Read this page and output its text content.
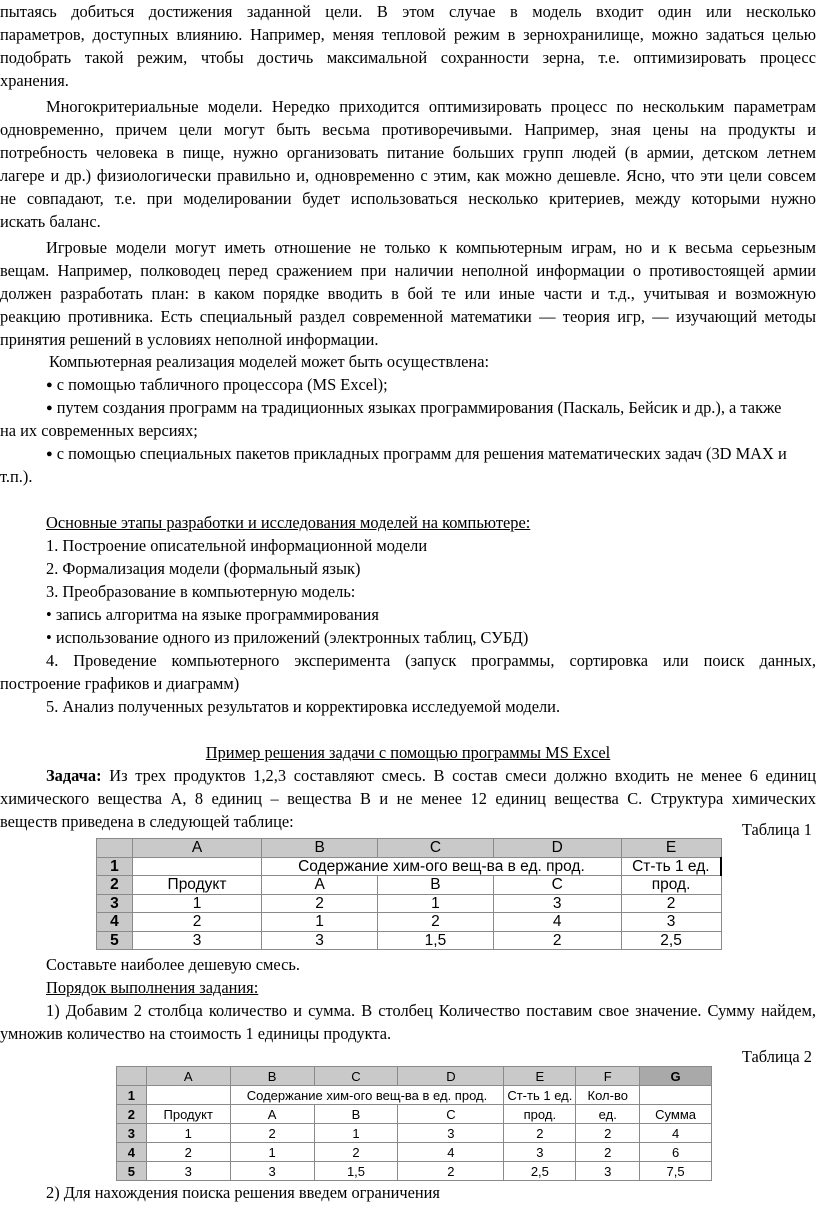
пытаясь добиться достижения заданной цели. В этом случае в модель входит один или несколько
параметров, доступных влиянию. Например, меняя тепловой режим в зернохранилище, можно задаться целью
подобрать такой режим, чтобы достичь максимальной сохранности зерна, т.е. оптимизировать процесс
хранения.
Многокритериальные модели. Нередко приходится оптимизировать процесс по нескольким параметрам
одновременно, причем цели могут быть весьма противоречивыми. Например, зная цены на продукты и
потребность человека в пище, нужно организовать питание больших групп людей (в армии, детском летнем
лагере и др.) физиологически правильно и, одновременно с этим, как можно дешевле. Ясно, что эти цели совсем
не совпадают, т.е. при моделировании будет использоваться несколько критериев, между которыми нужно
искать баланс.
Игровые модели могут иметь отношение не только к компьютерным играм, но и к весьма серьезным
вещам. Например, полководец перед сражением при наличии неполной информации о противостоящей армии
должен разработать план: в каком порядке вводить в бой те или иные части и т.д., учитывая и возможную
реакцию противника. Есть специальный раздел современной математики — теория игр, — изучающий методы
принятия решений в условиях неполной информации.
Компьютерная реализация моделей может быть осуществлена:
● с помощью табличного процессора (MS Excel);
● путем создания программ на традиционных языках программирования (Паскаль, Бейсик и др.), а также
на их современных версиях;
● с помощью специальных пакетов прикладных программ для решения математических задач (3D MAX и
т.п.).
Основные этапы разработки и исследования моделей на компьютере:
1. Построение описательной информационной модели
2. Формализация модели (формальный язык)
3. Преобразование в компьютерную модель:
• запись алгоритма на языке программирования
• использование одного из приложений (электронных таблиц, СУБД)
4. Проведение компьютерного эксперимента (запуск программы, сортировка или поиск данных,
построение графиков и диаграмм)
5. Анализ полученных результатов и корректировка исследуемой модели.
Пример решения задачи с помощью программы MS Excel
Задача: Из трех продуктов 1,2,3 составляют смесь. В состав смеси должно входить не менее 6 единиц
химического вещества А, 8 единиц – вещества В и не менее 12 единиц вещества С. Структура химических
веществ приведена в следующей таблице:	Таблица 1
	A	B	C	D	E
1		Содержание хим-ого вещ-ва в ед. прод.			Ст-ть 1 ед.
2	Продукт	А	В	С	прод.
3	1	2	1	3	2
4	2	1	2	4	3
5	3	3	1,5	2	2,5
Составьте наиболее дешевую смесь.
Порядок выполнения задания:
1) Добавим 2 столбца количество и сумма. В столбец Количество поставим свое значение. Сумму найдем,
умножив количество на стоимость 1 единицы продукта.
Таблица 2
	A	B	C	D	E	F	G
1		Содержание хим-ого вещ-ва в ед. прод.			Ст-ть 1 ед.	Кол-во	
2	Продукт	А	В	С	прод.	ед.	Сумма
3	1	2	1	3	2	2	4
4	2	1	2	4	3	2	6
5	3	3	1,5	2	2,5	3	7,5
2) Для нахождения поиска решения введем ограничения
